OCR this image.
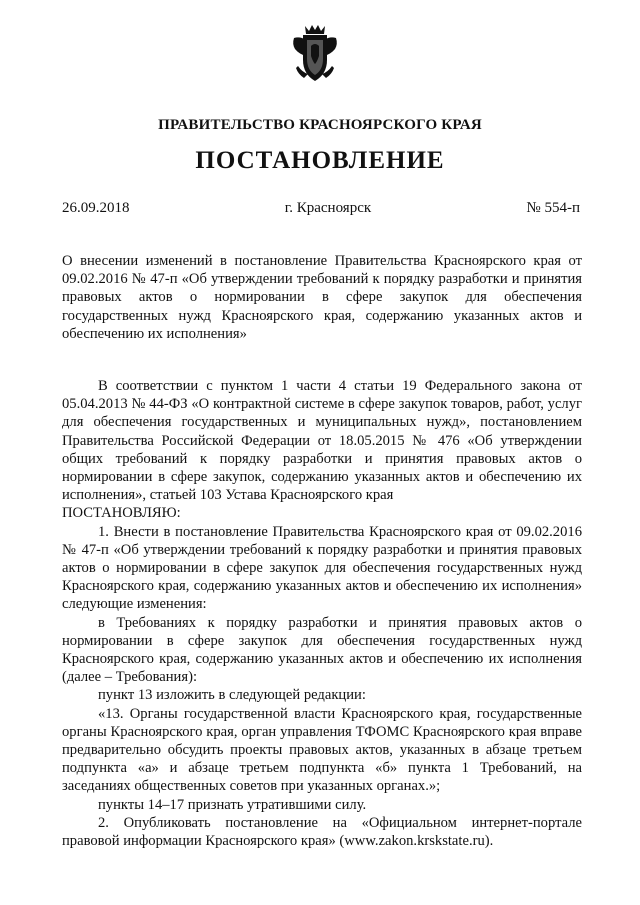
ПРАВИТЕЛЬСТВО КРАСНОЯРСКОГО КРАЯ
ПОСТАНОВЛЕНИЕ
26.09.2018	г. Красноярск	№ 554-п
О внесении изменений в постановление Правительства Красноярского края от 09.02.2016 № 47-п «Об утверждении требований к порядку разработки и принятия правовых актов о нормировании в сфере закупок для обеспечения государственных нужд Красноярского края, содержанию указанных актов и обеспечению их исполнения»

В соответствии с пунктом 1 части 4 статьи 19 Федерального закона от 05.04.2013 № 44-ФЗ «О контрактной системе в сфере закупок товаров, работ, услуг для обеспечения государственных и муниципальных нужд», постановлением Правительства Российской Федерации от 18.05.2015 № 476 «Об утверждении общих требований к порядку разработки и принятия правовых актов о нормировании в сфере закупок, содержанию указанных актов и обеспечению их исполнения», статьей 103 Устава Красноярского края

ПОСТАНОВЛЯЮ:

1. Внести в постановление Правительства Красноярского края от 09.02.2016 № 47-п «Об утверждении требований к порядку разработки и принятия правовых актов о нормировании в сфере закупок для обеспечения государственных нужд Красноярского края, содержанию указанных актов и обеспечению их исполнения» следующие изменения:

в Требованиях к порядку разработки и принятия правовых актов о нормировании в сфере закупок для обеспечения государственных нужд Красноярского края, содержанию указанных актов и обеспечению их исполнения (далее – Требования):

пункт 13 изложить в следующей редакции:

«13. Органы государственной власти Красноярского края, государственные органы Красноярского края, орган управления ТФОМС Красноярского края вправе предварительно обсудить проекты правовых актов, указанных в абзаце третьем подпункта «а» и абзаце третьем подпункта «б» пункта 1 Требований, на заседаниях общественных советов при указанных органах.»;

пункты 14–17 признать утратившими силу.

2. Опубликовать постановление на «Официальном интернет-портале правовой информации Красноярского края» (www.zakon.krskstate.ru).
